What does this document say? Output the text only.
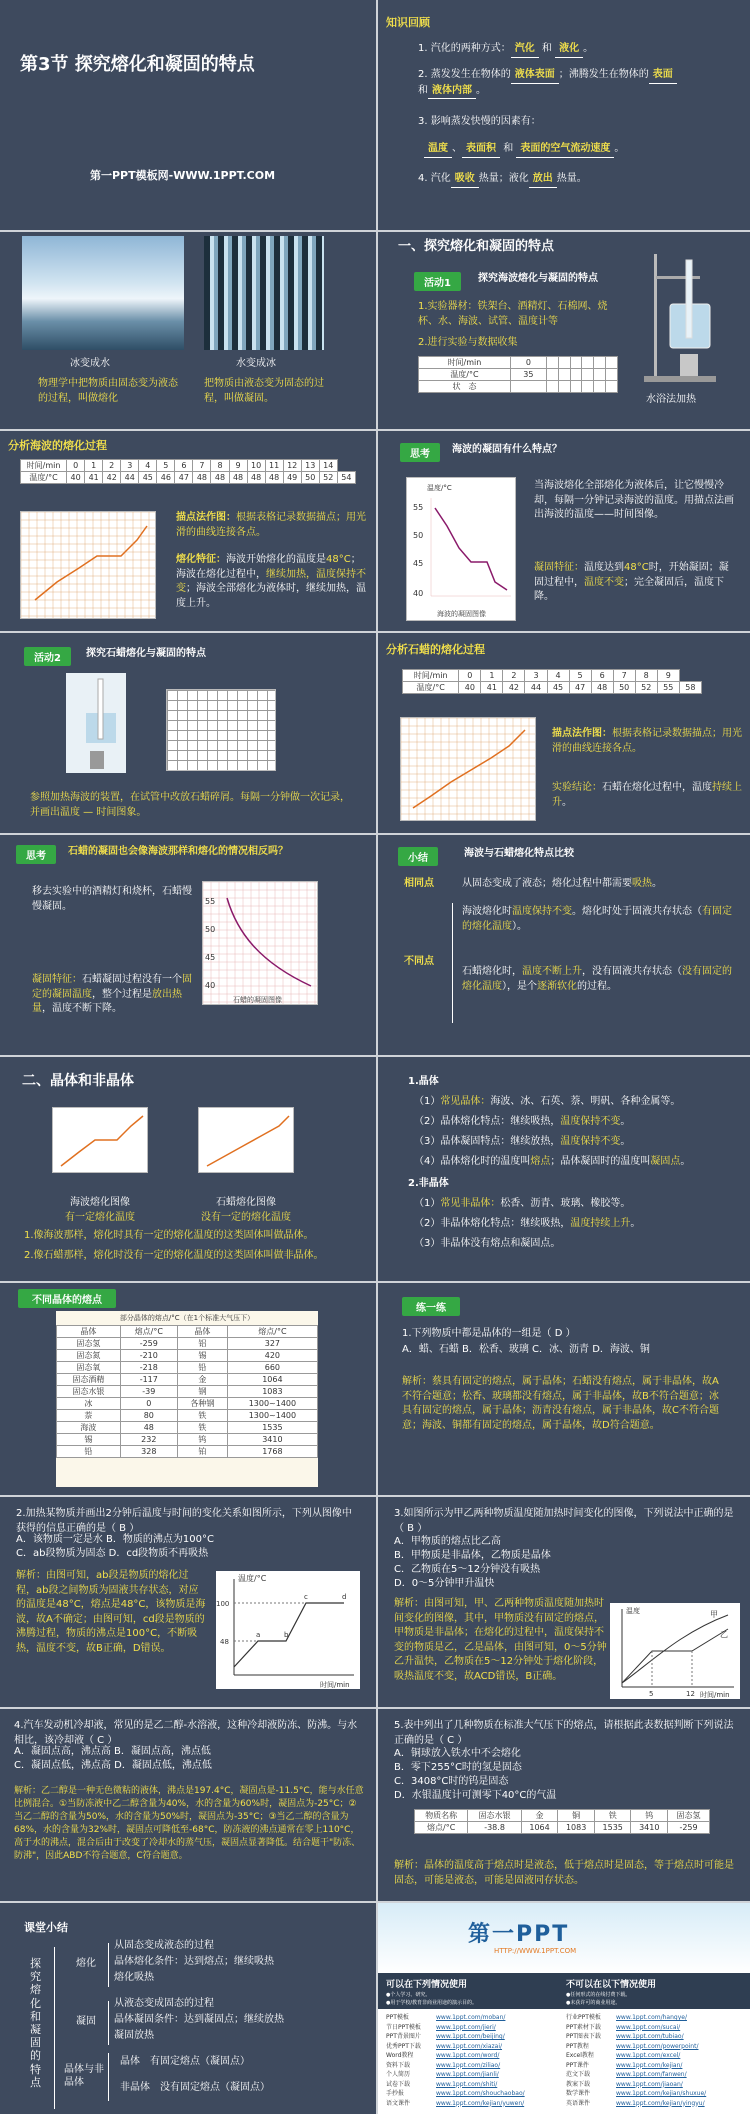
第3节 探究熔化和凝固的特点
第一PPT模板网-WWW.1PPT.COM
知识回顾
1. 汽化的两种方式： 汽化 和 液化 。
2. 蒸发发生在物体的 液体表面 ；沸腾发生在物体的 表面
和 液体内部 。
3. 影响蒸发快慢的因素有：
温度 、 表面积 和 表面的空气流动速度 。
4. 汽化 吸收 热量；液化 放出 热量。
冰变成水	水变成冰
物理学中把物质由固态变为液态的过程，叫做熔化
把物质由液态变为固态的过程，叫做凝固。
一、探究熔化和凝固的特点
活动1	探究海波熔化与凝固的特点
1.实验器材：铁架台、酒精灯、石棉网、烧杯、水、海波、试管、温度计等
2.进行实验与数据收集
时间/min	0						
温度/°C	35						
状　态							
水浴法加热
分析海波的熔化过程
时间/min	0	1	2	3	4	5	6	7	8	9	10	11	12	13	14	
温度/°C	40	41	42	44	45	46	47	48	48	48	48	48	49	50	52	54
描点法作图：根据表格记录数据描点；用光滑的曲线连接各点。
熔化特征：海波开始熔化的温度是48°C；海波在熔化过程中，继续加热，温度保持不变；海波全部熔化为液体时，继续加热，温度上升。
思考	海波的凝固有什么特点？
温度/°C
55
50
45
40
海波的凝固图像
当海波熔化全部熔化为液体后，让它慢慢冷却，每隔一分钟记录海波的温度。用描点法画出海波的温度——时间图像。
凝固特征：温度达到48°C时，开始凝固；凝固过程中，温度不变；完全凝固后，温度下降。
活动2	探究石蜡熔化与凝固的特点
参照加热海波的装置，在试管中改放石蜡碎屑。每隔一分钟做一次记录，并画出温度 — 时间图象。
分析石蜡的熔化过程
时间/min	0	1	2	3	4	5	6	7	8	9	
温度/°C	40	41	42	44	45	47	48	50	52	55	58
描点法作图：根据表格记录数据描点；用光滑的曲线连接各点。
实验结论：石蜡在熔化过程中，温度持续上升。
思考	石蜡的凝固也会像海波那样和熔化的情况相反吗？
移去实验中的酒精灯和烧杯，石蜡慢慢凝固。
凝固特征：石蜡凝固过程没有一个固定的凝固温度，整个过程是放出热量，温度不断下降。
55
50
45
40
石蜡的凝固图像
小结	海波与石蜡熔化特点比较
相同点	从固态变成了液态；熔化过程中都需要吸热。
不同点
海波熔化时温度保持不变。熔化时处于固液共存状态（有固定的熔化温度）。
石蜡熔化时，温度不断上升，没有固液共存状态（没有固定的熔化温度），是个逐渐软化的过程。
二、晶体和非晶体
海波熔化图像
有一定熔化温度
石蜡熔化图像
没有一定的熔化温度
1.像海波那样，熔化时具有一定的熔化温度的这类固体叫做晶体。
2.像石蜡那样，熔化时没有一定的熔化温度的这类固体叫做非晶体。
1.晶体
（1）常见晶体：海波、冰、石英、萘、明矾、各种金属等。
（2）晶体熔化特点：继续吸热，温度保持不变。
（3）晶体凝固特点：继续放热，温度保持不变。
（4）晶体熔化时的温度叫熔点；晶体凝固时的温度叫凝固点。
2.非晶体
（1）常见非晶体：松香、沥青、玻璃、橡胶等。
（2）非晶体熔化特点：继续吸热，温度持续上升。
（3）非晶体没有熔点和凝固点。
不同晶体的熔点
部分晶体的熔点/°C（在1个标准大气压下）
晶体	熔点/°C	晶体	熔点/°C
固态氢	-259	铝	327
固态氮	-210	锡	420
固态氧	-218	铅	660
固态酒精	-117	金	1064
固态水银	-39	钢	1083
冰	0	各种钢	1300~1400
萘	80	铁	1300~1400
海波	48	铁	1535
锡	232	钨	3410
铅	328	铂	1768
练一练
1.下列物质中都是晶体的一组是（ D ）
A．蜡、石蜡 B．松香、玻璃 C．冰、沥青 D．海波、铜
解析：蔡具有固定的熔点，属于晶体；石蜡没有熔点，属于非晶体，故A不符合题意；松香、玻璃都没有熔点，属于非晶体，故B不符合题意；冰具有固定的熔点，属于晶体；沥青没有熔点，属于非晶体，故C不符合题意；海波、铜都有固定的熔点，属于晶体，故D符合题意。
2.加热某物质并画出2分钟后温度与时间的变化关系如图所示，下列从图像中获得的信息正确的是（ B ）
A．该物质一定是水 B．物质的沸点为100°C
C．ab段物质为固态 D．cd段物质不再吸热
解析：由图可知，ab段是物质的熔化过程，ab段之间物质为固液共存状态，对应的温度是48°C，熔点是48°C，该物质是海波，故A不确定；由图可知，cd段是物质的沸腾过程，物质的沸点是100°C，不断吸热，温度不变，故B正确，D错误。
温度/°C
时间/min
a	b
c	d
100
48
3.如图所示为甲乙两种物质温度随加热时间变化的图像，下列说法中正确的是（ B ）
A．甲物质的熔点比乙高
B．甲物质是非晶体，乙物质是晶体
C．乙物质在5～12分钟没有吸热
D．0～5分钟甲升温快
解析：由图可知，甲、乙两种物质温度随加热时间变化的图像，其中，甲物质没有固定的熔点，甲物质是非晶体；在熔化的过程中，温度保持不变的物质是乙，乙是晶体，由图可知，0～5分钟乙升温快，乙物质在5～12分钟处于熔化阶段，吸热温度不变，故ACD错误，B正确。
甲
乙
温度
时间/min
5	12
4.汽车发动机冷却液，常见的是乙二醇-水溶液，这种冷却液防冻、防沸。与水相比，该冷却液（ C ）
A．凝固点高，沸点高 B．凝固点高，沸点低
C．凝固点低，沸点高 D．凝固点低，沸点低
解析：乙二醇是一种无色微粘的液体，沸点是197.4°C，凝固点是-11.5°C，能与水任意比例混合。①当防冻液中乙二醇含量为40%，水的含量为60%时，凝固点为-25°C；②当乙二醇的含量为50%，水的含量为50%时，凝固点为-35°C；③当乙二醇的含量为68%，水的含量为32%时，凝固点可降低至-68°C，防冻液的沸点通常在零上110°C，高于水的沸点，混合后由于改变了冷却水的蒸气压，凝固点显著降低。结合题干"防冻、防沸"，因此ABD不符合题意，C符合题意。
5.表中列出了几种物质在标准大气压下的熔点，请根据此表数据判断下列说法正确的是（ C ）
A．铜球放入铁水中不会熔化
B．零下255°C时的氢是固态
C．3408°C时的钨是固态
D．水银温度计可测零下40°C的气温
物质名称	固态水银	金	铜	铁	钨	固态氢
熔点/°C	-38.8	1064	1083	1535	3410	-259
解析：晶体的温度高于熔点时是液态，低于熔点时是固态，等于熔点时可能是固态，可能是液态，可能是固液同存状态。
课堂小结
探究熔化和凝固的特点
熔化
从固态变成液态的过程
晶体熔化条件：达到熔点；继续吸热
熔化吸热
凝固
从液态变成固态的过程
晶体凝固条件：达到凝固点；继续放热
凝固放热
晶体与非晶体
晶体　 有固定熔点（凝固点）
非晶体　 没有固定熔点（凝固点）
第一PPT
HTTP://WWW.1PPT.COM
可以在下列情况使用
●个人学习、研究。
●用于学校/教育非商业用途的演示目的。
不可以在以下情况使用
●任何形式的在线付费下载。
●未获许可的商业用途。
PPT模板	www.1ppt.com/moban/
节日PPT模板	www.1ppt.com/jieri/
PPT背景图片	www.1ppt.com/beijing/
优秀PPT下载	www.1ppt.com/xiazai/
Word教程	www.1ppt.com/word/
资料下载	www.1ppt.com/ziliao/
个人简历	www.1ppt.com/jianli/
试卷下载	www.1ppt.com/shiti/
手抄报	www.1ppt.com/shouchaobao/
语文课件	www.1ppt.com/kejian/yuwen/
行业PPT模板	www.1ppt.com/hangye/
PPT素材下载	www.1ppt.com/sucai/
PPT图表下载	www.1ppt.com/tubiao/
PPT教程	www.1ppt.com/powerpoint/
Excel教程	www.1ppt.com/excel/
PPT课件	www.1ppt.com/kejian/
范文下载	www.1ppt.com/fanwen/
教案下载	www.1ppt.com/jiaoan/
数学课件	www.1ppt.com/kejian/shuxue/
英语课件	www.1ppt.com/kejian/yingyu/
